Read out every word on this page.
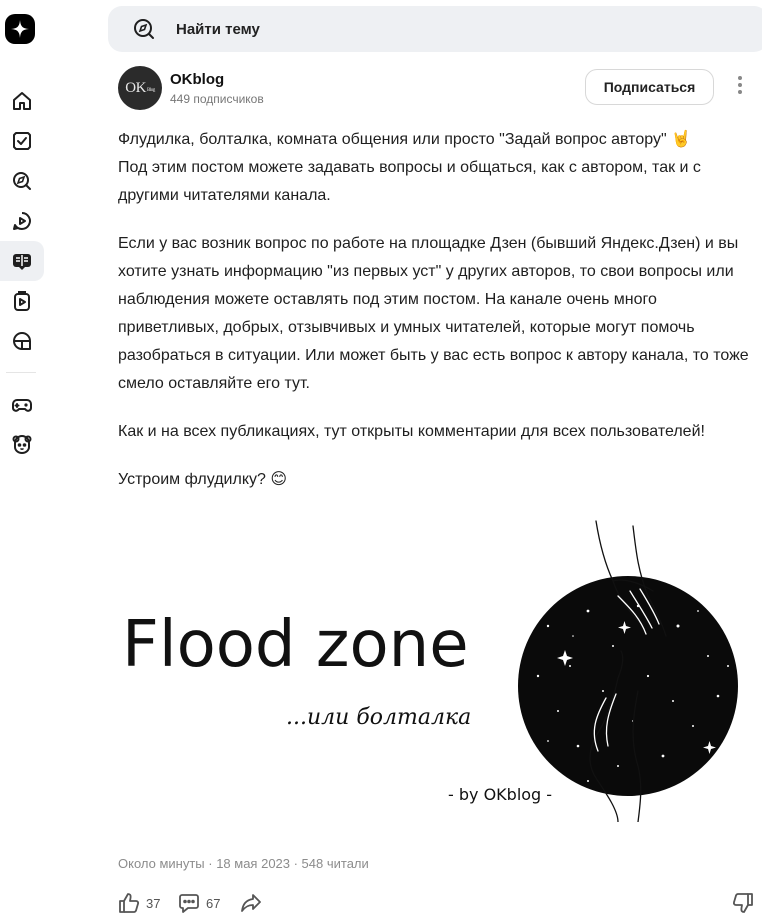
Найти тему
OK Blog
OKblog
449 подписчиков
Подписаться

Флудилка, болталка, комната общения или просто "Задай вопрос автору" 🤘

Под этим постом можете задавать вопросы и общаться, как с автором, так и с другими читателями канала.

Если у вас возник вопрос по работе на площадке Дзен (бывший Яндекс.Дзен) и вы хотите узнать информацию "из первых уст" у других авторов, то свои вопросы или наблюдения можете оставлять под этим постом. На канале очень много приветливых, добрых, отзывчивых и умных читателей, которые могут помочь разобраться в ситуации. Или может быть у вас есть вопрос к автору канала, то тоже смело оставляйте его тут.

Как и на всех публикациях, тут открыты комментарии для всех пользователей!

Устроим флудилку? 😊

Flood zone
...или болталка
- by OKblog -
Около минуты · 18 мая 2023 · 548 читали
37	67
